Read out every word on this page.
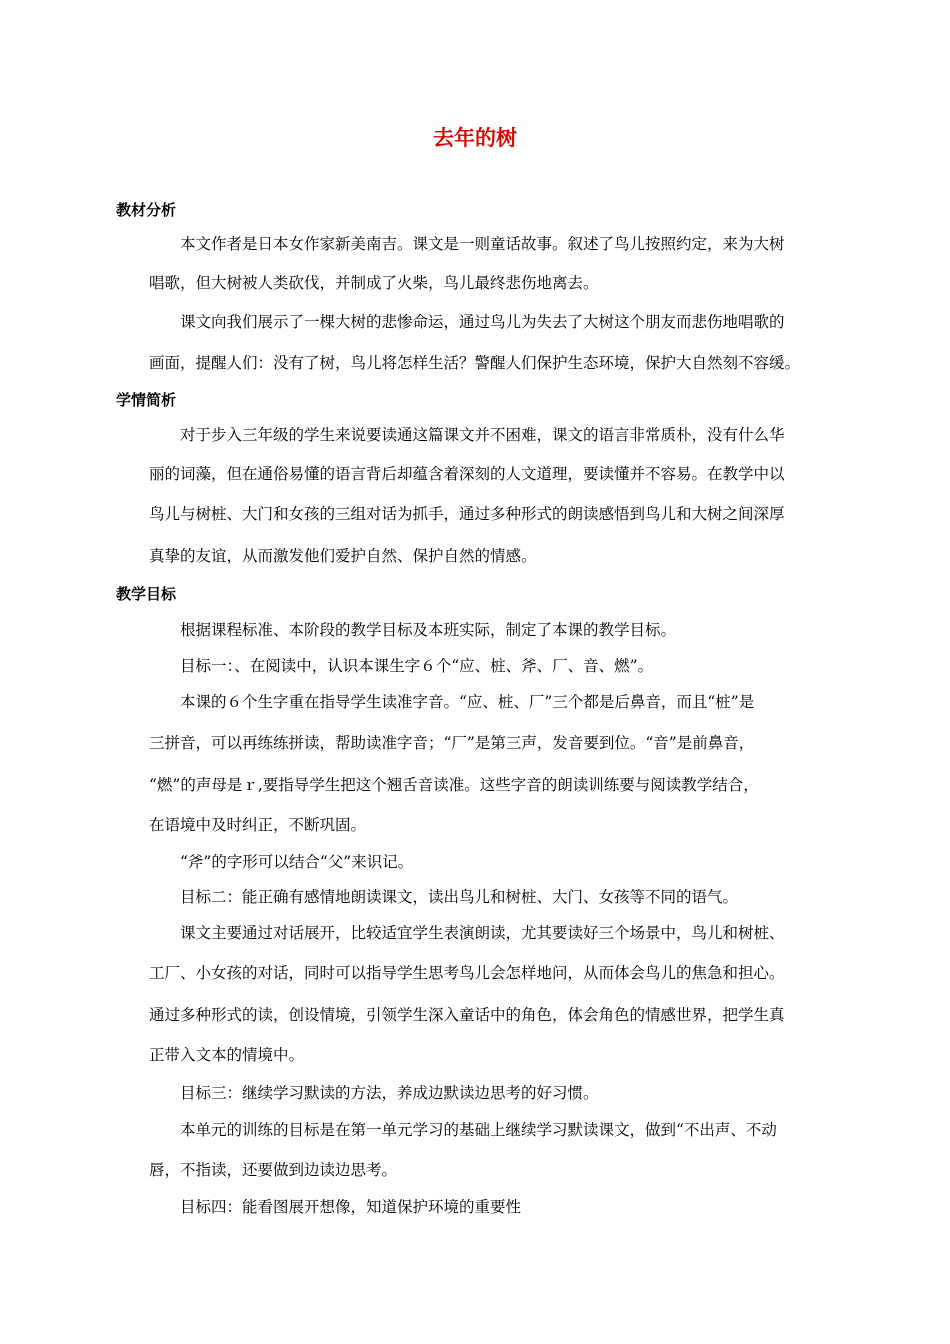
去年的树
教材分析
本文作者是日本女作家新美南吉。课文是一则童话故事。叙述了鸟儿按照约定，来为大树
唱歌，但大树被人类砍伐，并制成了火柴，鸟儿最终悲伤地离去。
课文向我们展示了一棵大树的悲惨命运，通过鸟儿为失去了大树这个朋友而悲伤地唱歌的
画面，提醒人们：没有了树，鸟儿将怎样生活？警醒人们保护生态环境，保护大自然刻不容缓。
学情简析
对于步入三年级的学生来说要读通这篇课文并不困难，课文的语言非常质朴，没有什么华
丽的词藻，但在通俗易懂的语言背后却蕴含着深刻的人文道理，要读懂并不容易。在教学中以
鸟儿与树桩、大门和女孩的三组对话为抓手，通过多种形式的朗读感悟到鸟儿和大树之间深厚
真挚的友谊，从而激发他们爱护自然、保护自然的情感。
教学目标
根据课程标准、本阶段的教学目标及本班实际，制定了本课的教学目标。
目标一：、在阅读中，认识本课生字６个“应、桩、斧、厂、音、燃”。
本课的６个生字重在指导学生读准字音。“应、桩、厂”三个都是后鼻音，而且“桩”是
三拼音，可以再练练拼读，帮助读准字音；“厂”是第三声，发音要到位。“音”是前鼻音，
“燃”的声母是ｒ,要指导学生把这个翘舌音读准。这些字音的朗读训练要与阅读教学结合，
在语境中及时纠正，不断巩固。
“斧”的字形可以结合“父”来识记。
目标二：能正确有感情地朗读课文，读出鸟儿和树桩、大门、女孩等不同的语气。
课文主要通过对话展开，比较适宜学生表演朗读，尤其要读好三个场景中，鸟儿和树桩、
工厂、小女孩的对话，同时可以指导学生思考鸟儿会怎样地问，从而体会鸟儿的焦急和担心。
通过多种形式的读，创设情境，引领学生深入童话中的角色，体会角色的情感世界，把学生真
正带入文本的情境中。
目标三：继续学习默读的方法，养成边默读边思考的好习惯。
本单元的训练的目标是在第一单元学习的基础上继续学习默读课文，做到“不出声、不动
唇，不指读，还要做到边读边思考。
目标四：能看图展开想像，知道保护环境的重要性
